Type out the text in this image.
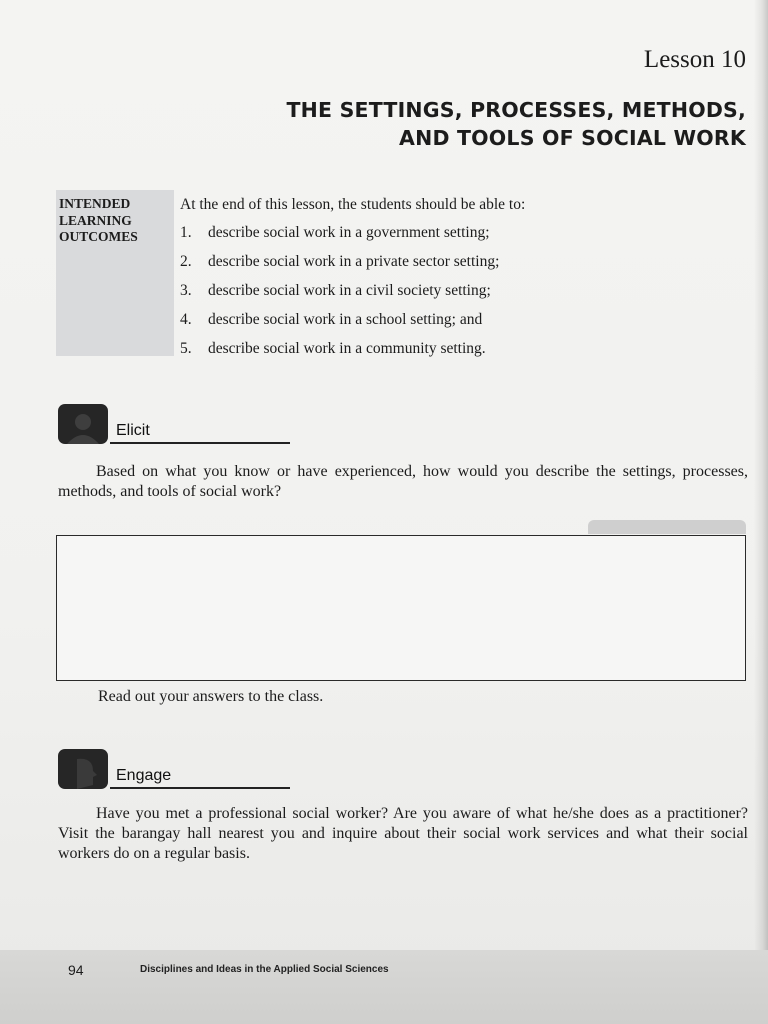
Lesson 10
THE SETTINGS, PROCESSES, METHODS,
AND TOOLS OF SOCIAL WORK
INTENDED
LEARNING
OUTCOMES
At the end of this lesson, the students should be able to:
1.	describe social work in a government setting;
2.	describe social work in a private sector setting;
3.	describe social work in a civil society setting;
4.	describe social work in a school setting; and
5.	describe social work in a community setting.
Elicit
Based on what you know or have experienced, how would you describe the settings, processes, methods, and tools of social work?
Read out your answers to the class.
Engage
Have you met a professional social worker? Are you aware of what he/she does as a practitioner? Visit the barangay hall nearest you and inquire about their social work services and what their social workers do on a regular basis.
94	Disciplines and Ideas in the Applied Social Sciences
